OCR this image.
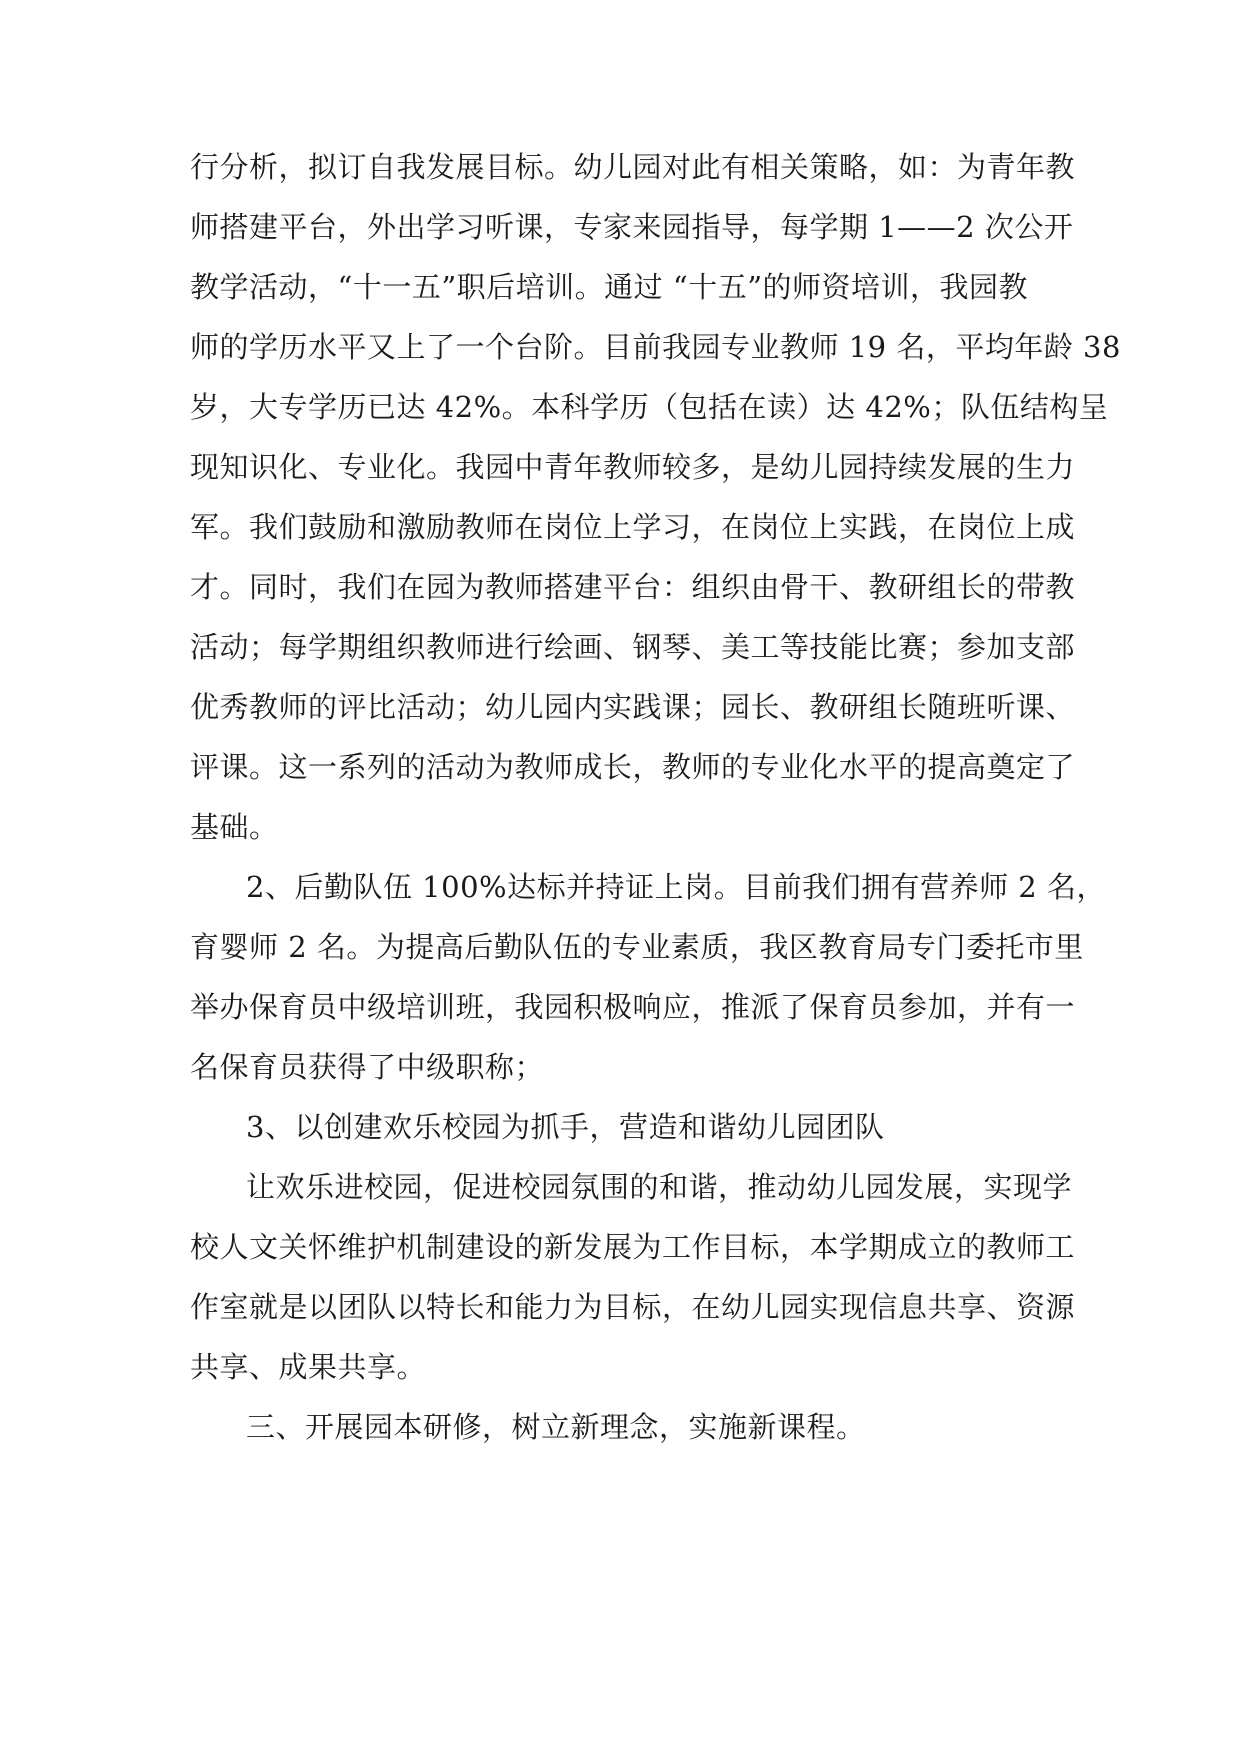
行分析，拟订自我发展目标。幼儿园对此有相关策略，如：为青年教
师搭建平台，外出学习听课，专家来园指导，每学期 1——2 次公开
教学活动，“十一五”职后培训。通过 “十五”的师资培训，我园教
师的学历水平又上了一个台阶。目前我园专业教师 19 名，平均年龄 38
岁，大专学历已达 42%。本科学历（包括在读）达 42%；队伍结构呈
现知识化、专业化。我园中青年教师较多，是幼儿园持续发展的生力
军。我们鼓励和激励教师在岗位上学习，在岗位上实践，在岗位上成
才。同时，我们在园为教师搭建平台：组织由骨干、教研组长的带教
活动；每学期组织教师进行绘画、钢琴、美工等技能比赛；参加支部
优秀教师的评比活动；幼儿园内实践课；园长、教研组长随班听课、
评课。这一系列的活动为教师成长，教师的专业化水平的提高奠定了
基础。
2、后勤队伍 100%达标并持证上岗。目前我们拥有营养师 2 名，
育婴师 2 名。为提高后勤队伍的专业素质，我区教育局专门委托市里
举办保育员中级培训班，我园积极响应，推派了保育员参加，并有一
名保育员获得了中级职称；
3、以创建欢乐校园为抓手，营造和谐幼儿园团队
让欢乐进校园，促进校园氛围的和谐，推动幼儿园发展，实现学
校人文关怀维护机制建设的新发展为工作目标，本学期成立的教师工
作室就是以团队以特长和能力为目标，在幼儿园实现信息共享、资源
共享、成果共享。
三、开展园本研修，树立新理念，实施新课程。
